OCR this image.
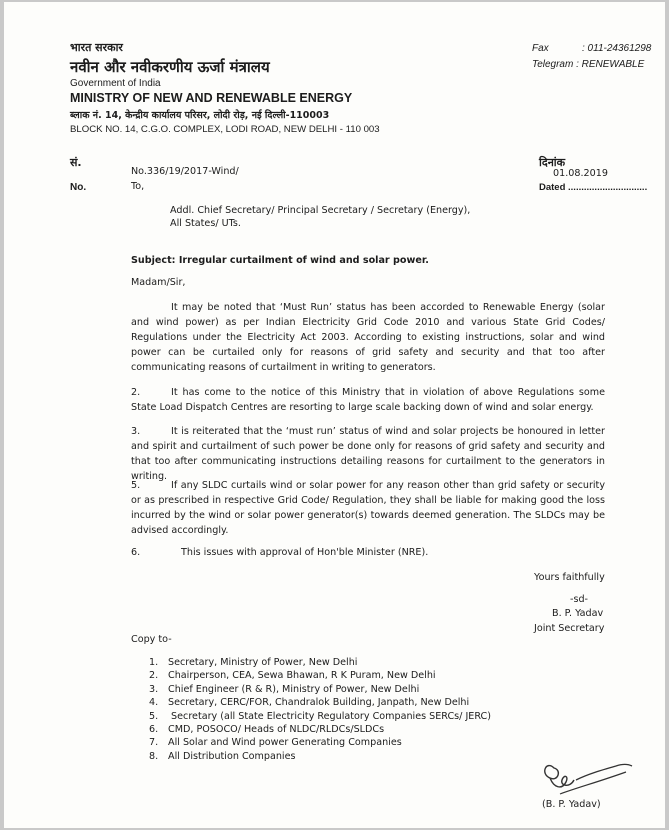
भारत सरकार
नवीन और नवीकरणीय ऊर्जा मंत्रालय
Government of India
MINISTRY OF NEW AND RENEWABLE ENERGY
ब्लाक नं. 14, केन्द्रीय कार्यालय परिसर, लोदी रोड़, नई दिल्ली-110003
BLOCK NO. 14, C.G.O. COMPLEX, LODI ROAD, NEW DELHI - 110 003
Fax	: 011-24361298
Telegram : RENEWABLE
सं.
No.
No.336/19/2017-Wind/
To,
दिनांक
01.08.2019
Dated ..............................
Addl. Chief Secretary/ Principal Secretary / Secretary (Energy),
All States/ UTs.
Subject: Irregular curtailment of wind and solar power.
Madam/Sir,
It may be noted that ‘Must Run’ status has been accorded to Renewable Energy (solar and wind power) as per Indian Electricity Grid Code 2010 and various State Grid Codes/ Regulations under the Electricity Act 2003. According to existing instructions, solar and wind power can be curtailed only for reasons of grid safety and security and that too after communicating reasons of curtailment in writing to generators.
2.	It has come to the notice of this Ministry that in violation of above Regulations some State Load Dispatch Centres are resorting to large scale backing down of wind and solar energy.
3.	It is reiterated that the ‘must run’ status of wind and solar projects be honoured in letter and spirit and curtailment of such power be done only for reasons of grid safety and security and that too after communicating instructions detailing reasons for curtailment to the generators in writing.
5.	If any SLDC curtails wind or solar power for any reason other than grid safety or security or as prescribed in respective Grid Code/ Regulation, they shall be liable for making good the loss incurred by the wind or solar power generator(s) towards deemed generation. The SLDCs may be advised accordingly.
6.	This issues with approval of Hon'ble Minister (NRE).
Yours faithfully
-sd-
B. P. Yadav
Joint Secretary
Copy to-
1. Secretary, Ministry of Power, New Delhi
2. Chairperson, CEA, Sewa Bhawan, R K Puram, New Delhi
3. Chief Engineer (R & R), Ministry of Power, New Delhi
4. Secretary, CERC/FOR, Chandralok Building, Janpath, New Delhi
5. Secretary (all State Electricity Regulatory Companies SERCs/ JERC)
6. CMD, POSOCO/ Heads of NLDC/RLDCs/SLDCs
7. All Solar and Wind power Generating Companies
8. All Distribution Companies
(B. P. Yadav)
